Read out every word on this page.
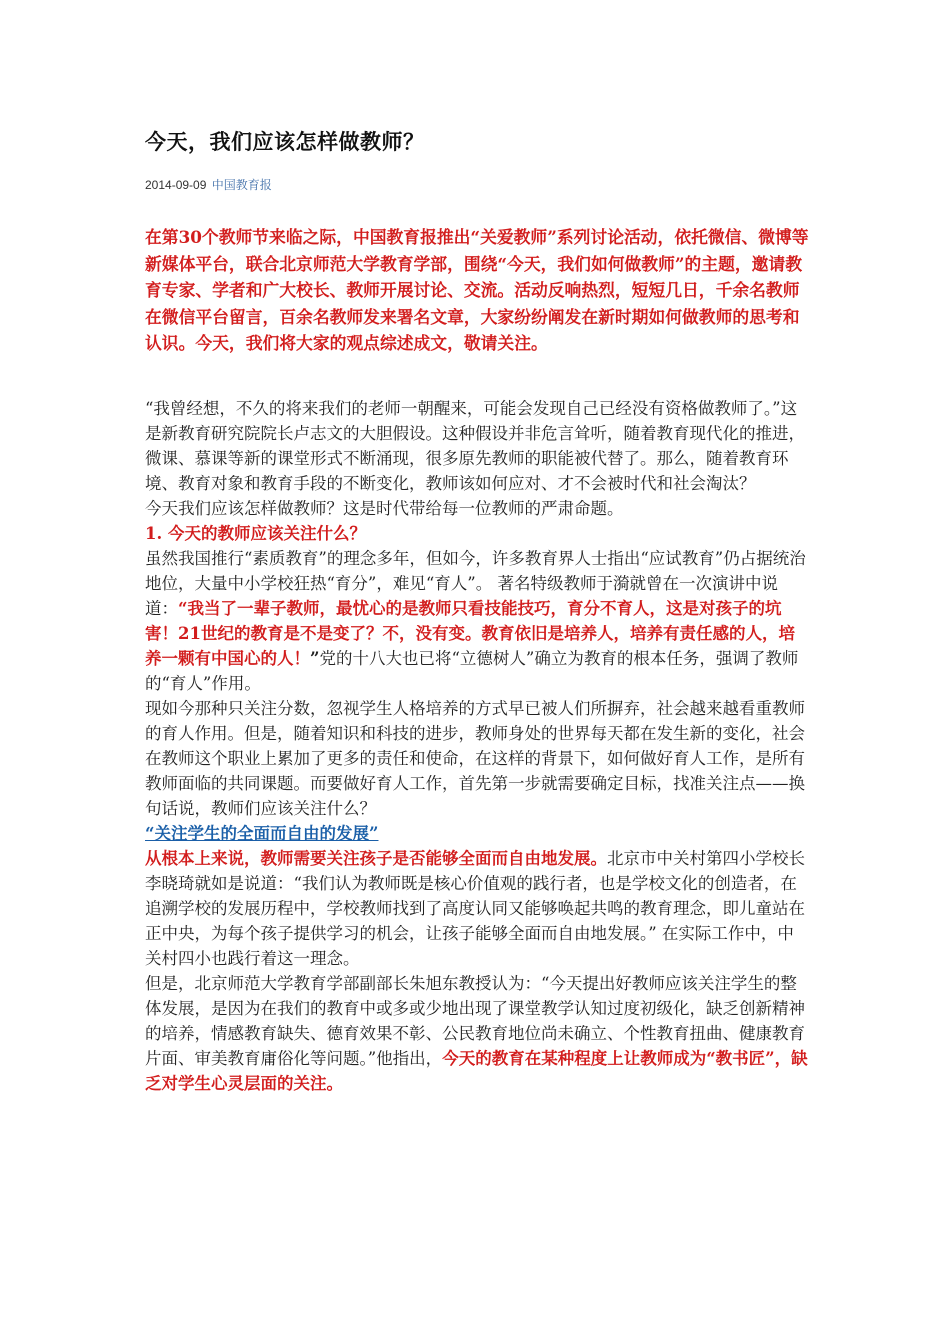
今天，我们应该怎样做教师？
2014-09-09 中国教育报

在第30个教师节来临之际，中国教育报推出“关爱教师”系列讨论活动，依托微信、微博等新媒体平台，联合北京师范大学教育学部，围绕“今天，我们如何做教师”的主题，邀请教育专家、学者和广大校长、教师开展讨论、交流。活动反响热烈，短短几日，千余名教师在微信平台留言，百余名教师发来署名文章，大家纷纷阐发在新时期如何做教师的思考和认识。今天，我们将大家的观点综述成文，敬请关注。

“我曾经想，不久的将来我们的老师一朝醒来，可能会发现自己已经没有资格做教师了。”这是新教育研究院院长卢志文的大胆假设。这种假设并非危言耸听，随着教育现代化的推进，微课、慕课等新的课堂形式不断涌现，很多原先教师的职能被代替了。那么，随着教育环境、教育对象和教育手段的不断变化，教师该如何应对、才不会被时代和社会淘汰？

今天我们应该怎样做教师？这是时代带给每一位教师的严肃命题。

1. 今天的教师应该关注什么？

虽然我国推行“素质教育”的理念多年，但如今，许多教育界人士指出“应试教育”仍占据统治地位，大量中小学校狂热“育分”，难见“育人”。 著名特级教师于漪就曾在一次演讲中说道：“我当了一辈子教师，最忧心的是教师只看技能技巧，育分不育人，这是对孩子的坑害！21世纪的教育是不是变了？不，没有变。教育依旧是培养人，培养有责任感的人，培养一颗有中国心的人！”党的十八大也已将“立德树人”确立为教育的根本任务，强调了教师的“育人”作用。

现如今那种只关注分数，忽视学生人格培养的方式早已被人们所摒弃，社会越来越看重教师的育人作用。但是，随着知识和科技的进步，教师身处的世界每天都在发生新的变化，社会在教师这个职业上累加了更多的责任和使命，在这样的背景下，如何做好育人工作，是所有教师面临的共同课题。而要做好育人工作，首先第一步就需要确定目标，找准关注点——换句话说，教师们应该关注什么？

“关注学生的全面而自由的发展”

从根本上来说，教师需要关注孩子是否能够全面而自由地发展。北京市中关村第四小学校长李晓琦就如是说道：“我们认为教师既是核心价值观的践行者，也是学校文化的创造者，在追溯学校的发展历程中，学校教师找到了高度认同又能够唤起共鸣的教育理念，即儿童站在正中央，为每个孩子提供学习的机会，让孩子能够全面而自由地发展。” 在实际工作中，中关村四小也践行着这一理念。

但是，北京师范大学教育学部副部长朱旭东教授认为：“今天提出好教师应该关注学生的整体发展，是因为在我们的教育中或多或少地出现了课堂教学认知过度初级化，缺乏创新精神的培养，情感教育缺失、德育效果不彰、公民教育地位尚未确立、个性教育扭曲、健康教育片面、审美教育庸俗化等问题。”他指出，今天的教育在某种程度上让教师成为“教书匠”，缺乏对学生心灵层面的关注。
